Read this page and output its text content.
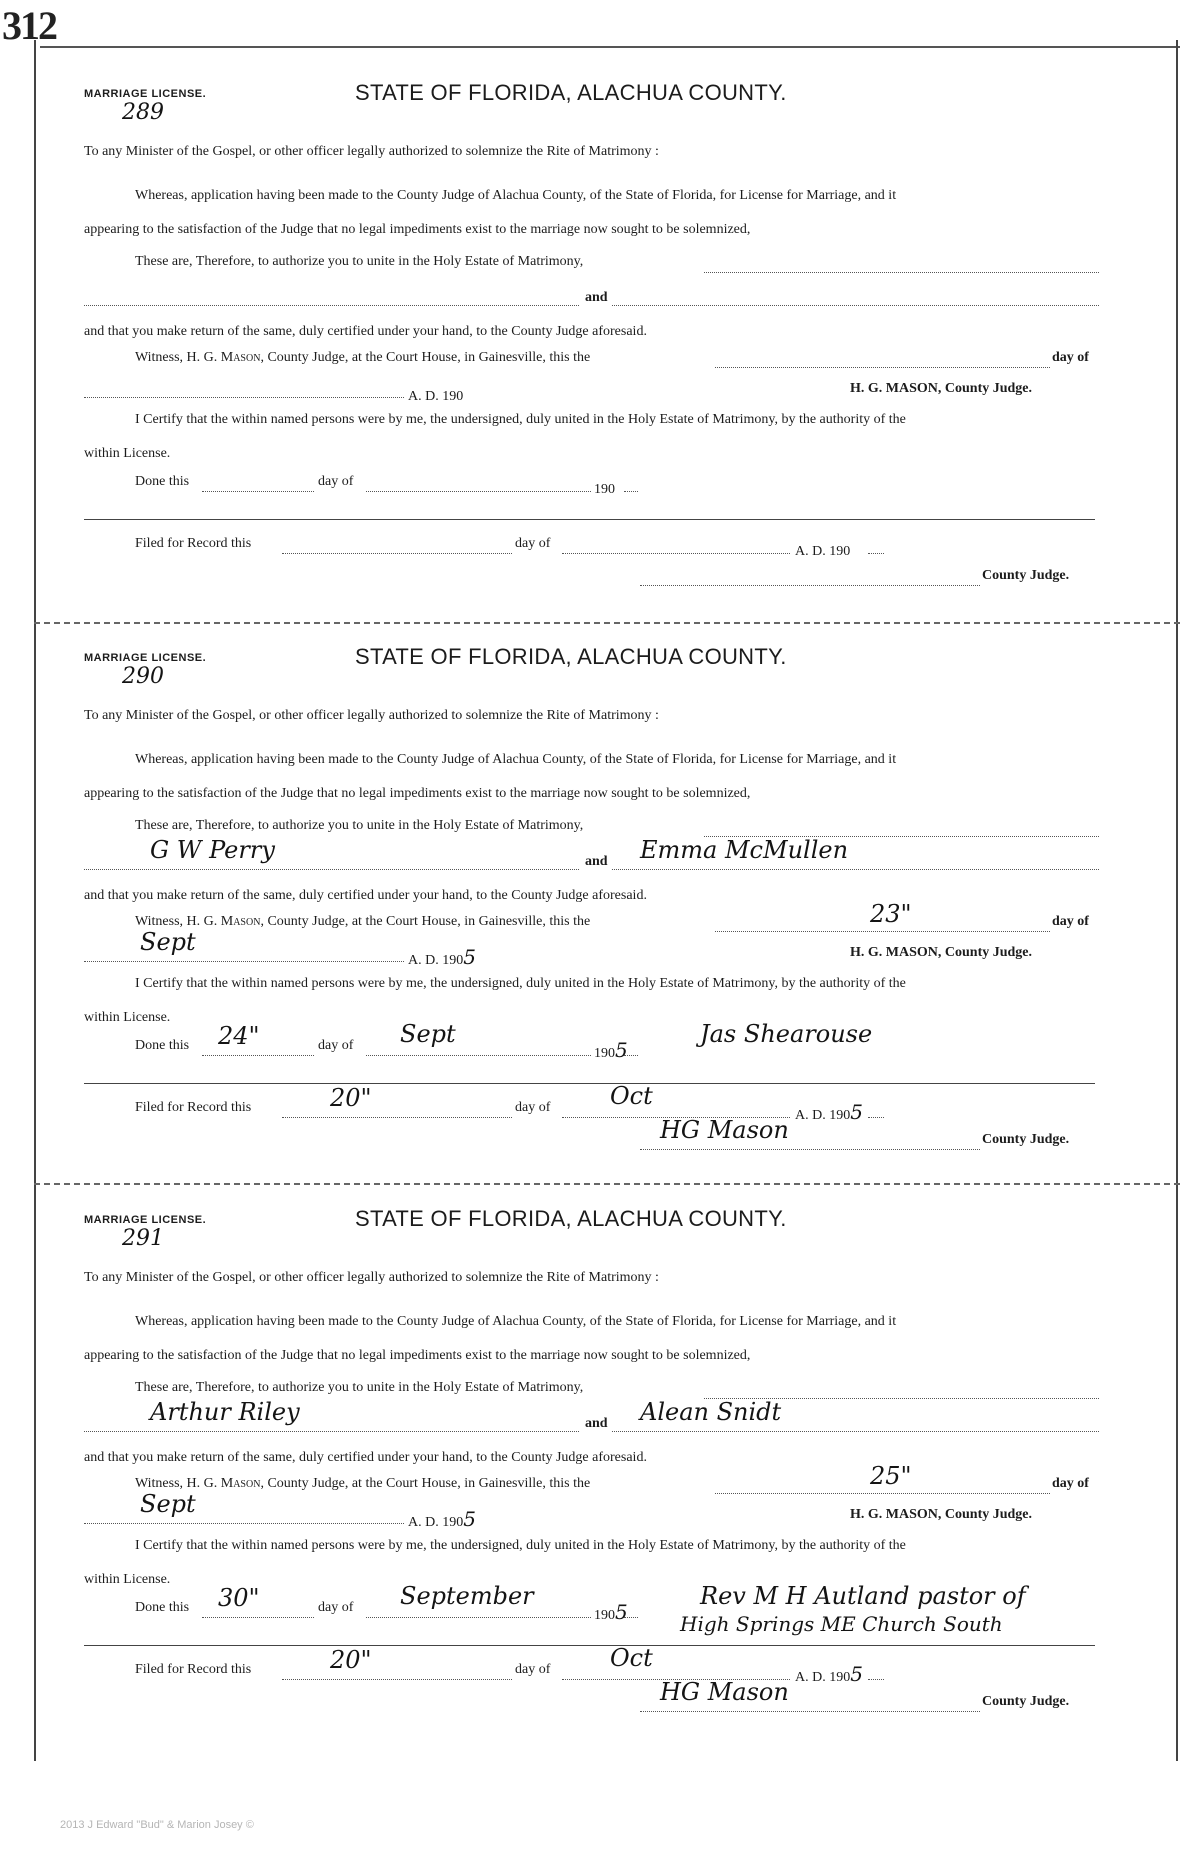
312
MARRIAGE LICENSE.
289
STATE OF FLORIDA, ALACHUA COUNTY.
To any Minister of the Gospel, or other officer legally authorized to solemnize the Rite of Matrimony :
Whereas, application having been made to the County Judge of Alachua County, of the State of Florida, for License for Marriage, and it
appearing to the satisfaction of the Judge that no legal impediments exist to the marriage now sought to be solemnized,
These are, Therefore, to authorize you to unite in the Holy Estate of Matrimony,
and
and that you make return of the same, duly certified under your hand, to the County Judge aforesaid.
Witness, H. G. Mason, County Judge, at the Court House, in Gainesville, this the	day of
A. D. 190
H. G. MASON, County Judge.
I Certify that the within named persons were by me, the undersigned, duly united in the Holy Estate of Matrimony, by the authority of the
within License.
Done this	day of
190
Filed for Record this	day of
A. D. 190
County Judge.
MARRIAGE LICENSE.
290
STATE OF FLORIDA, ALACHUA COUNTY.
To any Minister of the Gospel, or other officer legally authorized to solemnize the Rite of Matrimony :
Whereas, application having been made to the County Judge of Alachua County, of the State of Florida, for License for Marriage, and it
appearing to the satisfaction of the Judge that no legal impediments exist to the marriage now sought to be solemnized,
These are, Therefore, to authorize you to unite in the Holy Estate of Matrimony,
G W Perry	and Emma McMullen
and that you make return of the same, duly certified under your hand, to the County Judge aforesaid.
Witness, H. G. Mason, County Judge, at the Court House, in Gainesville, this the	23"	day of
Sept
A. D. 1905	H. G. MASON, County Judge.
I Certify that the within named persons were by me, the undersigned, duly united in the Holy Estate of Matrimony, by the authority of the
within License.
Done this 24"	day of Sept
1905
Jas Shearouse
Filed for Record this	20"	day of Oct
A. D. 1905
HG Mason	County Judge.
MARRIAGE LICENSE.
291
STATE OF FLORIDA, ALACHUA COUNTY.
To any Minister of the Gospel, or other officer legally authorized to solemnize the Rite of Matrimony :
Whereas, application having been made to the County Judge of Alachua County, of the State of Florida, for License for Marriage, and it
appearing to the satisfaction of the Judge that no legal impediments exist to the marriage now sought to be solemnized,
These are, Therefore, to authorize you to unite in the Holy Estate of Matrimony,
Arthur Riley	and Alean Snidt
and that you make return of the same, duly certified under your hand, to the County Judge aforesaid.
Witness, H. G. Mason, County Judge, at the Court House, in Gainesville, this the	25"	day of
Sept
A. D. 1905	H. G. MASON, County Judge.
I Certify that the within named persons were by me, the undersigned, duly united in the Holy Estate of Matrimony, by the authority of the
within License.
Done this 30"	day of September
1905
Rev M H Autland pastor of
High Springs ME Church South
Filed for Record this	20"	day of Oct
A. D. 1905
HG Mason	County Judge.
2013 J Edward "Bud" & Marion Josey ©
